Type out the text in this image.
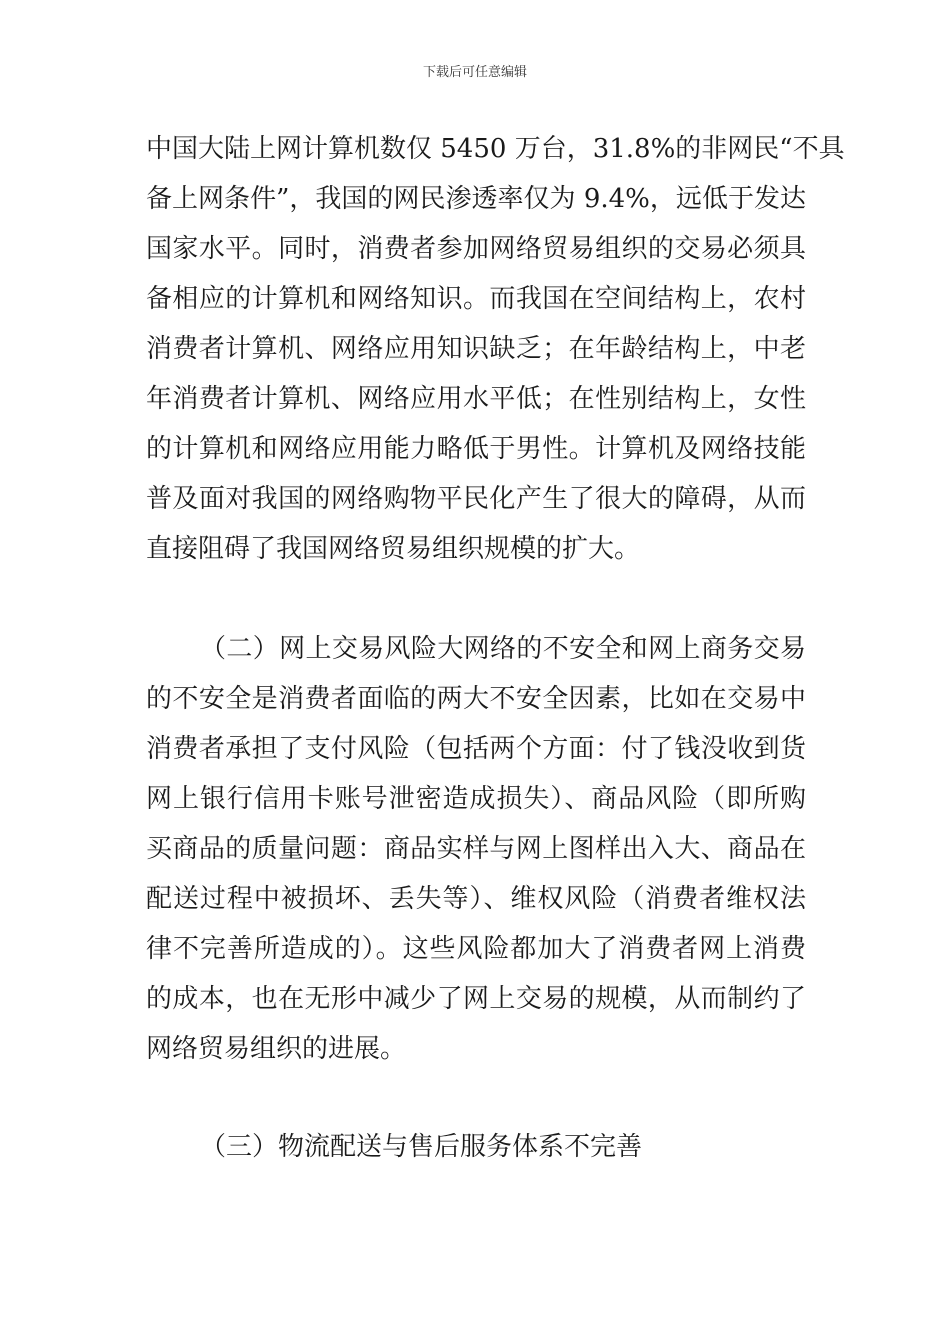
下载后可任意编辑
中国大陆上网计算机数仅 5450 万台，31.8%的非网民“不具
备上网条件”，我国的网民渗透率仅为 9.4%，远低于发达
国家水平。同时，消费者参加网络贸易组织的交易必须具
备相应的计算机和网络知识。而我国在空间结构上，农村
消费者计算机、网络应用知识缺乏；在年龄结构上，中老
年消费者计算机、网络应用水平低；在性别结构上，女性
的计算机和网络应用能力略低于男性。计算机及网络技能
普及面对我国的网络购物平民化产生了很大的障碍，从而
直接阻碍了我国网络贸易组织规模的扩大。
（二）网上交易风险大网络的不安全和网上商务交易
的不安全是消费者面临的两大不安全因素，比如在交易中
消费者承担了支付风险（包括两个方面：付了钱没收到货
网上银行信用卡账号泄密造成损失）、商品风险（即所购
买商品的质量问题：商品实样与网上图样出入大、商品在
配送过程中被损坏、丢失等）、维权风险（消费者维权法
律不完善所造成的）。这些风险都加大了消费者网上消费
的成本，也在无形中减少了网上交易的规模，从而制约了
网络贸易组织的进展。
（三）物流配送与售后服务体系不完善
